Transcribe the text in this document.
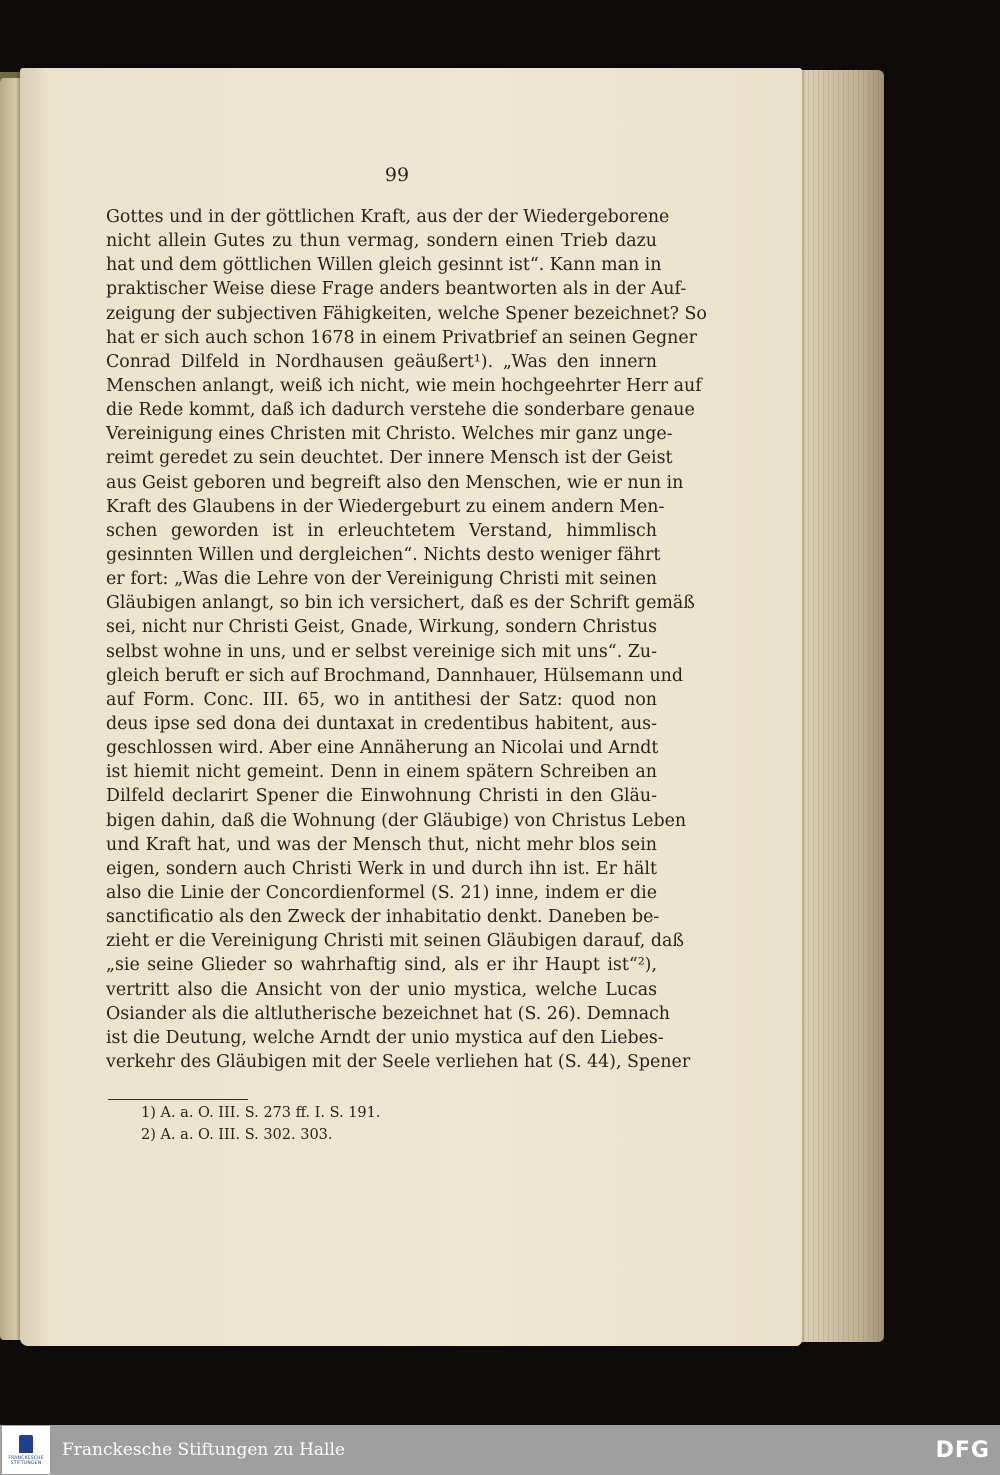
99
Gottes und in der göttlichen Kraft, aus der der Wiedergeborene
nicht allein Gutes zu thun vermag, sondern einen Trieb dazu
hat und dem göttlichen Willen gleich gesinnt ist“. Kann man in
praktischer Weise diese Frage anders beantworten als in der Auf-
zeigung der subjectiven Fähigkeiten, welche Spener bezeichnet? So
hat er sich auch schon 1678 in einem Privatbrief an seinen Gegner
Conrad Dilfeld in Nordhausen geäußert¹). „Was den innern
Menschen anlangt, weiß ich nicht, wie mein hochgeehrter Herr auf
die Rede kommt, daß ich dadurch verstehe die sonderbare genaue
Vereinigung eines Christen mit Christo. Welches mir ganz unge-
reimt geredet zu sein deuchtet. Der innere Mensch ist der Geist
aus Geist geboren und begreift also den Menschen, wie er nun in
Kraft des Glaubens in der Wiedergeburt zu einem andern Men-
schen geworden ist in erleuchtetem Verstand, himmlisch
gesinnten Willen und dergleichen“. Nichts desto weniger fährt
er fort: „Was die Lehre von der Vereinigung Christi mit seinen
Gläubigen anlangt, so bin ich versichert, daß es der Schrift gemäß
sei, nicht nur Christi Geist, Gnade, Wirkung, sondern Christus
selbst wohne in uns, und er selbst vereinige sich mit uns“. Zu-
gleich beruft er sich auf Brochmand, Dannhauer, Hülsemann und
auf Form. Conc. III. 65, wo in antithesi der Satz: quod non
deus ipse sed dona dei duntaxat in credentibus habitent, aus-
geschlossen wird. Aber eine Annäherung an Nicolai und Arndt
ist hiemit nicht gemeint. Denn in einem spätern Schreiben an
Dilfeld declarirt Spener die Einwohnung Christi in den Gläu-
bigen dahin, daß die Wohnung (der Gläubige) von Christus Leben
und Kraft hat, und was der Mensch thut, nicht mehr blos sein
eigen, sondern auch Christi Werk in und durch ihn ist. Er hält
also die Linie der Concordienformel (S. 21) inne, indem er die
sanctificatio als den Zweck der inhabitatio denkt. Daneben be-
zieht er die Vereinigung Christi mit seinen Gläubigen darauf, daß
„sie seine Glieder so wahrhaftig sind, als er ihr Haupt ist“²),
vertritt also die Ansicht von der unio mystica, welche Lucas
Osiander als die altlutherische bezeichnet hat (S. 26). Demnach
ist die Deutung, welche Arndt der unio mystica auf den Liebes-
verkehr des Gläubigen mit der Seele verliehen hat (S. 44), Spener
1) A. a. O. III. S. 273 ff. I. S. 191.
2) A. a. O. III. S. 302. 303.
FRANCKESCHE STIFTUNGEN
Franckesche Stiftungen zu Halle	DFG
